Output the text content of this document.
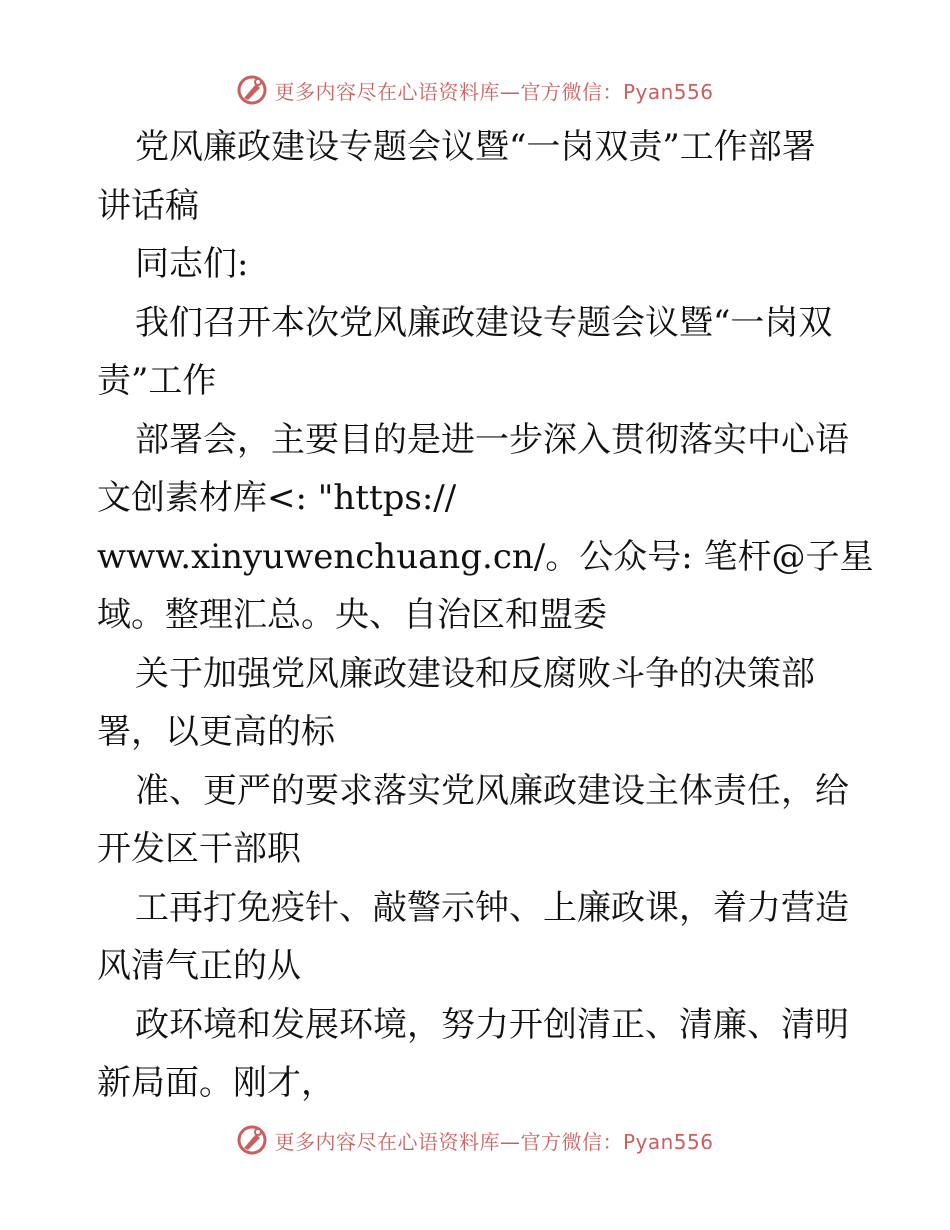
更多内容尽在心语资料库—官方微信：Pyan556
党风廉政建设专题会议暨“一岗双责”工作部署
讲话稿
同志们:
我们召开本次党风廉政建设专题会议暨“一岗双
责”工作
部署会，主要目的是进一步深入贯彻落实中心语
文创素材库<: "https://
www.xinyuwenchuang.cn/。公众号: 笔杆@子星
域。整理汇总。央、自治区和盟委
关于加强党风廉政建设和反腐败斗争的决策部
署，以更高的标
准、更严的要求落实党风廉政建设主体责任，给
开发区干部职
工再打免疫针、敲警示钟、上廉政课，着力营造
风清气正的从
政环境和发展环境，努力开创清正、清廉、清明
新局面。刚才，
更多内容尽在心语资料库—官方微信：Pyan556
